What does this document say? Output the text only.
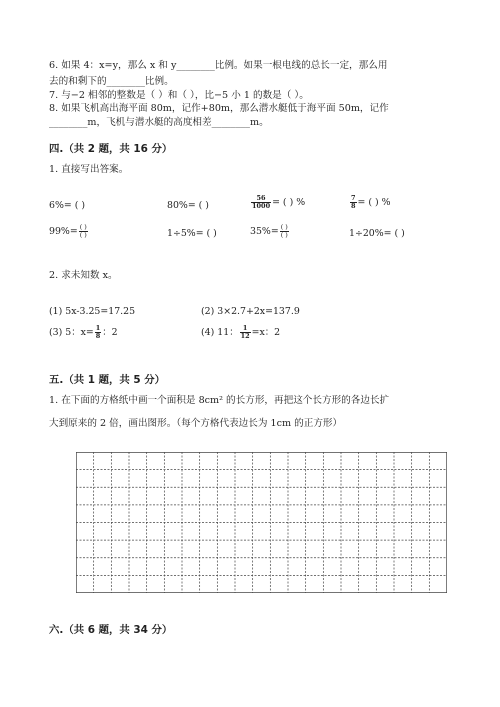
6. 如果 4：x=y，那么 x 和 y________比例。如果一根电线的总长一定，那么用
去的和剩下的________比例。
7. 与−2 相邻的整数是（ ）和（ ），比−5 小 1 的数是（ ）。
8. 如果飞机高出海平面 80m，记作+80m，那么潜水艇低于海平面 50m，记作
________m，飞机与潜水艇的高度相差________m。
四.（共 2 题，共 16 分）
1. 直接写出答案。
6%= ( )	80%= ( )	$\frac{56}{1000}$ = ( ) %	$\frac{7}{8}$ = ( ) %
$99\%= \frac{( )}{( )}$	1÷5%= ( )	$35\%= \frac{( )}{( )}$	1÷20%= ( )
2. 求未知数 x。
(1) 5x-3.25=17.25	(2) 3×2.7+2x=137.9
(3) 5：$x= \frac{1}{8}$ ：2	(4) 11： $\frac{1}{12} =x$：2
五.（共 1 题，共 5 分）
1. 在下面的方格纸中画一个面积是 8cm² 的长方形，再把这个长方形的各边长扩
大到原来的 2 倍，画出图形。（每个方格代表边长为 1cm 的正方形）
六.（共 6 题，共 34 分）
